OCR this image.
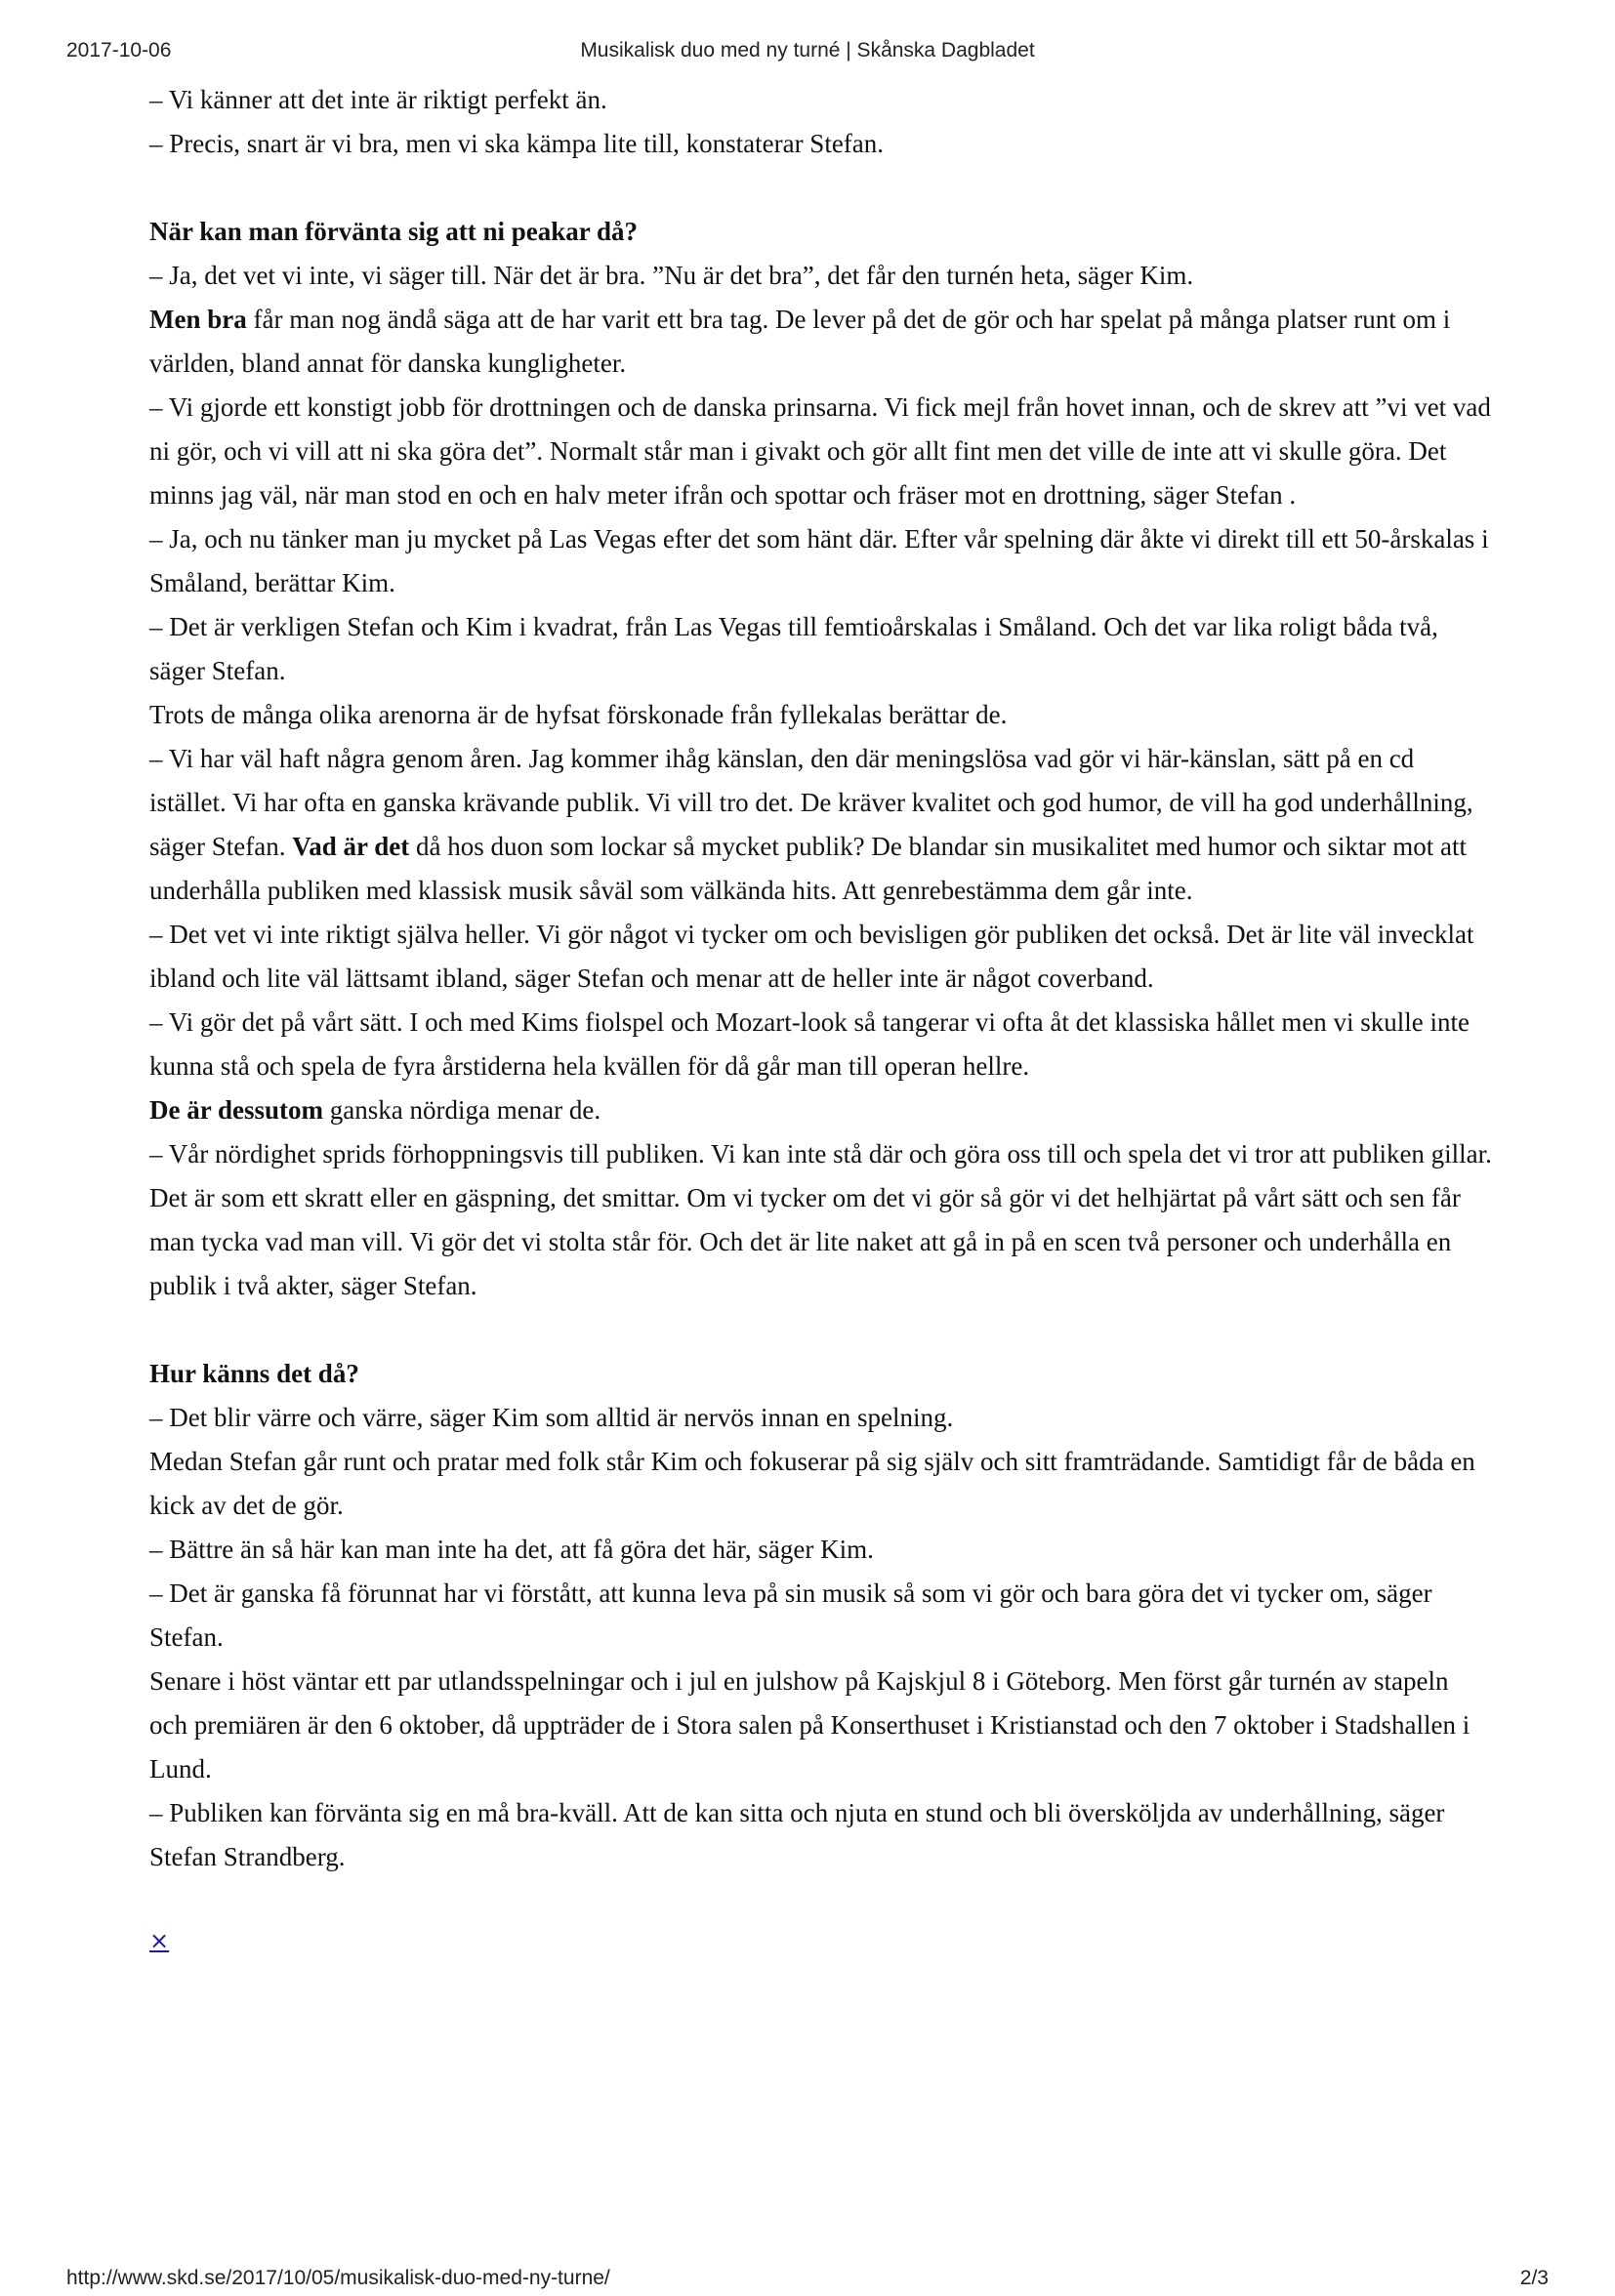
2017-10-06	Musikalisk duo med ny turné | Skånska Dagbladet

– Vi känner att det inte är riktigt perfekt än.

– Precis, snart är vi bra, men vi ska kämpa lite till, konstaterar Stefan.

När kan man förvänta sig att ni peakar då?

– Ja, det vet vi inte, vi säger till. När det är bra. ”Nu är det bra”, det får den turnén heta, säger Kim.

Men bra får man nog ändå säga att de har varit ett bra tag. De lever på det de gör och har spelat på många platser runt om i världen, bland annat för danska kungligheter.

– Vi gjorde ett konstigt jobb för drottningen och de danska prinsarna. Vi fick mejl från hovet innan, och de skrev att ”vi vet vad ni gör, och vi vill att ni ska göra det”. Normalt står man i givakt och gör allt fint men det ville de inte att vi skulle göra. Det minns jag väl, när man stod en och en halv meter ifrån och spottar och fräser mot en drottning, säger Stefan .

– Ja, och nu tänker man ju mycket på Las Vegas efter det som hänt där. Efter vår spelning där åkte vi direkt till ett 50-årskalas i Småland, berättar Kim.

– Det är verkligen Stefan och Kim i kvadrat, från Las Vegas till femtioårskalas i Småland. Och det var lika roligt båda två, säger Stefan.

Trots de många olika arenorna är de hyfsat förskonade från fyllekalas berättar de.

– Vi har väl haft några genom åren. Jag kommer ihåg känslan, den där meningslösa vad gör vi här-känslan, sätt på en cd istället. Vi har ofta en ganska krävande publik. Vi vill tro det. De kräver kvalitet och god humor, de vill ha god underhållning, säger Stefan. Vad är det då hos duon som lockar så mycket publik? De blandar sin musikalitet med humor och siktar mot att underhålla publiken med klassisk musik såväl som välkända hits. Att genrebestämma dem går inte.

– Det vet vi inte riktigt själva heller. Vi gör något vi tycker om och bevisligen gör publiken det också. Det är lite väl invecklat ibland och lite väl lättsamt ibland, säger Stefan och menar att de heller inte är något coverband.

– Vi gör det på vårt sätt. I och med Kims fiolspel och Mozart-look så tangerar vi ofta åt det klassiska hållet men vi skulle inte kunna stå och spela de fyra årstiderna hela kvällen för då går man till operan hellre.

De är dessutom ganska nördiga menar de.

– Vår nördighet sprids förhoppningsvis till publiken. Vi kan inte stå där och göra oss till och spela det vi tror att publiken gillar. Det är som ett skratt eller en gäspning, det smittar. Om vi tycker om det vi gör så gör vi det helhjärtat på vårt sätt och sen får man tycka vad man vill. Vi gör det vi stolta står för. Och det är lite naket att gå in på en scen två personer och underhålla en publik i två akter, säger Stefan.

Hur känns det då?

– Det blir värre och värre, säger Kim som alltid är nervös innan en spelning.

Medan Stefan går runt och pratar med folk står Kim och fokuserar på sig själv och sitt framträdande. Samtidigt får de båda en kick av det de gör.

– Bättre än så här kan man inte ha det, att få göra det här, säger Kim.

– Det är ganska få förunnat har vi förstått, att kunna leva på sin musik så som vi gör och bara göra det vi tycker om, säger Stefan.

Senare i höst väntar ett par utlandsspelningar och i jul en julshow på Kajskjul 8 i Göteborg. Men först går turnén av stapeln och premiären är den 6 oktober, då uppträder de i Stora salen på Konserthuset i Kristianstad och den 7 oktober i Stadshallen i Lund.

– Publiken kan förvänta sig en må bra-kväll. Att de kan sitta och njuta en stund och bli översköljda av underhållning, säger Stefan Strandberg.

×
http://www.skd.se/2017/10/05/musikalisk-duo-med-ny-turne/	2/3
